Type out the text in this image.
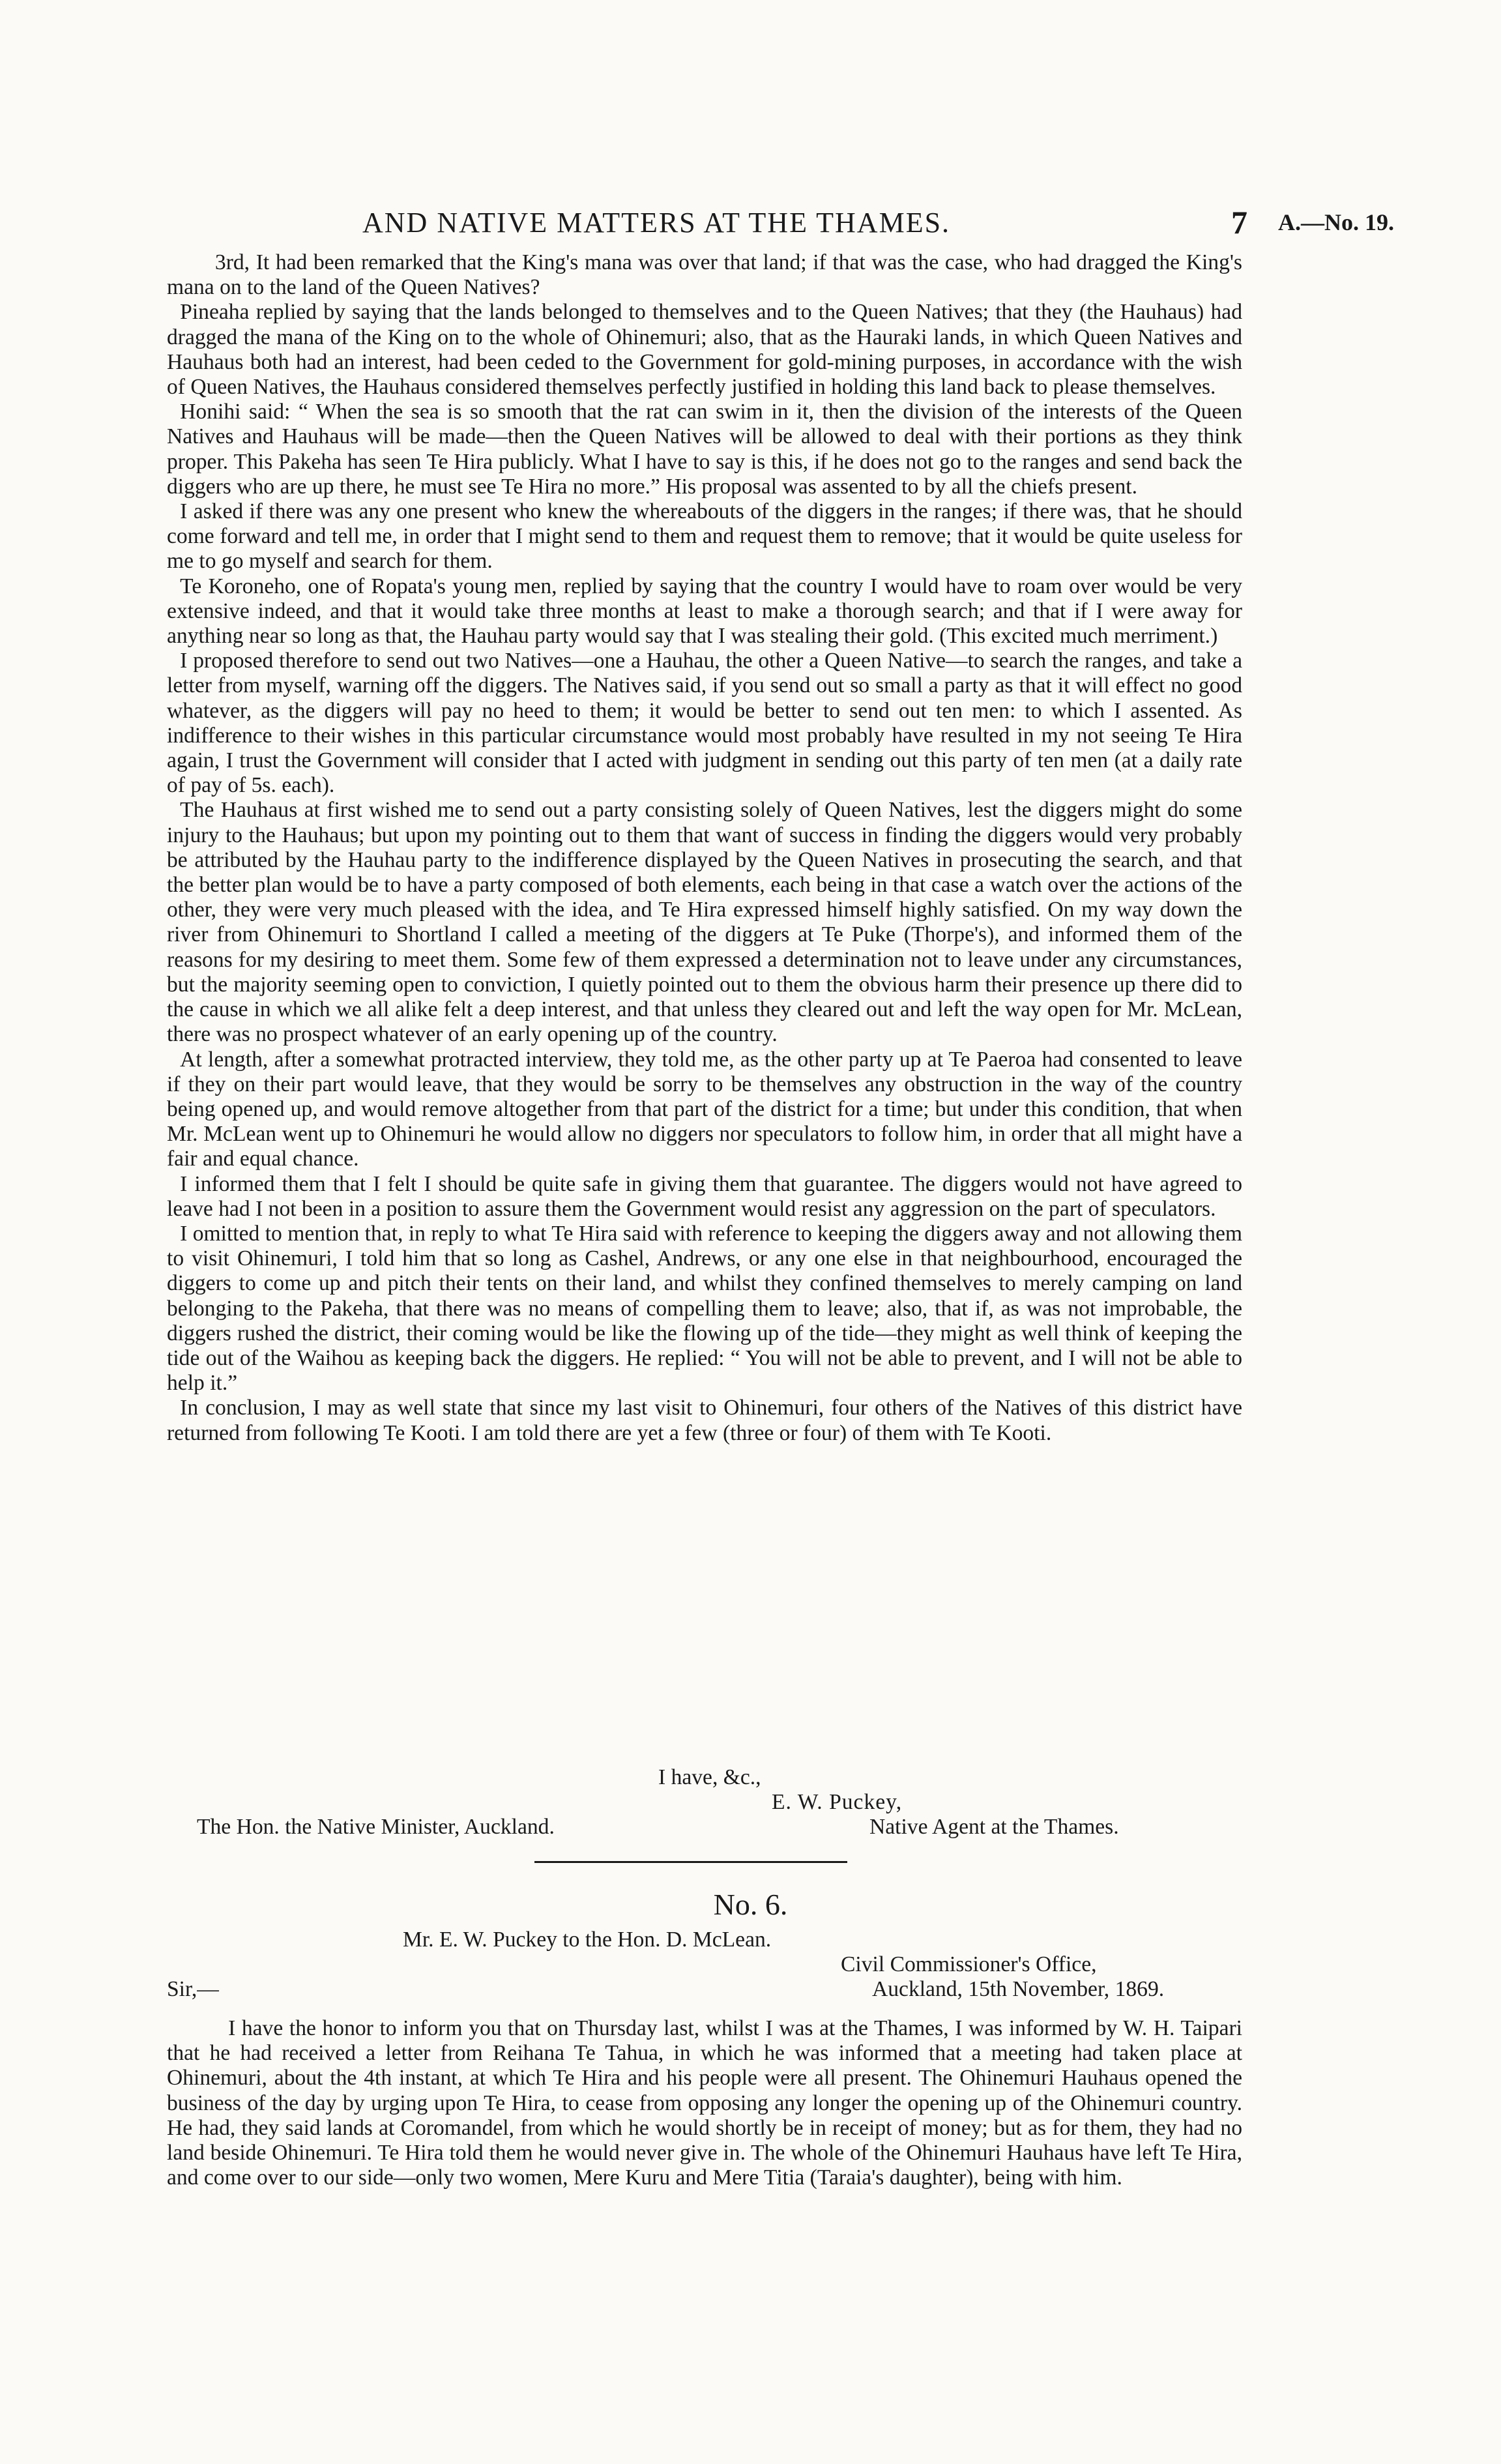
AND NATIVE MATTERS AT THE THAMES.	7 A.—No. 19.

3rd, It had been remarked that the King's mana was over that land; if that was the case, who had dragged the King's mana on to the land of the Queen Natives?

Pineaha replied by saying that the lands belonged to themselves and to the Queen Natives; that they (the Hauhaus) had dragged the mana of the King on to the whole of Ohinemuri; also, that as the Hauraki lands, in which Queen Natives and Hauhaus both had an interest, had been ceded to the Government for gold-mining purposes, in accordance with the wish of Queen Natives, the Hauhaus considered themselves perfectly justified in holding this land back to please themselves.

Honihi said: “ When the sea is so smooth that the rat can swim in it, then the division of the interests of the Queen Natives and Hauhaus will be made—then the Queen Natives will be allowed to deal with their portions as they think proper. This Pakeha has seen Te Hira publicly. What I have to say is this, if he does not go to the ranges and send back the diggers who are up there, he must see Te Hira no more.” His proposal was assented to by all the chiefs present.

I asked if there was any one present who knew the whereabouts of the diggers in the ranges; if there was, that he should come forward and tell me, in order that I might send to them and request them to remove; that it would be quite useless for me to go myself and search for them.

Te Koroneho, one of Ropata's young men, replied by saying that the country I would have to roam over would be very extensive indeed, and that it would take three months at least to make a thorough search; and that if I were away for anything near so long as that, the Hauhau party would say that I was stealing their gold. (This excited much merriment.)

I proposed therefore to send out two Natives—one a Hauhau, the other a Queen Native—to search the ranges, and take a letter from myself, warning off the diggers. The Natives said, if you send out so small a party as that it will effect no good whatever, as the diggers will pay no heed to them; it would be better to send out ten men: to which I assented. As indifference to their wishes in this particular circumstance would most probably have resulted in my not seeing Te Hira again, I trust the Government will consider that I acted with judgment in sending out this party of ten men (at a daily rate of pay of 5s. each).

The Hauhaus at first wished me to send out a party consisting solely of Queen Natives, lest the diggers might do some injury to the Hauhaus; but upon my pointing out to them that want of success in finding the diggers would very probably be attributed by the Hauhau party to the indifference displayed by the Queen Natives in prosecuting the search, and that the better plan would be to have a party composed of both elements, each being in that case a watch over the actions of the other, they were very much pleased with the idea, and Te Hira expressed himself highly satisfied. On my way down the river from Ohinemuri to Shortland I called a meeting of the diggers at Te Puke (Thorpe's), and informed them of the reasons for my desiring to meet them. Some few of them expressed a determination not to leave under any circumstances, but the majority seeming open to conviction, I quietly pointed out to them the obvious harm their presence up there did to the cause in which we all alike felt a deep interest, and that unless they cleared out and left the way open for Mr. McLean, there was no prospect whatever of an early opening up of the country.

At length, after a somewhat protracted interview, they told me, as the other party up at Te Paeroa had consented to leave if they on their part would leave, that they would be sorry to be themselves any obstruction in the way of the country being opened up, and would remove altogether from that part of the district for a time; but under this condition, that when Mr. McLean went up to Ohinemuri he would allow no diggers nor speculators to follow him, in order that all might have a fair and equal chance.

I informed them that I felt I should be quite safe in giving them that guarantee. The diggers would not have agreed to leave had I not been in a position to assure them the Government would resist any aggression on the part of speculators.

I omitted to mention that, in reply to what Te Hira said with reference to keeping the diggers away and not allowing them to visit Ohinemuri, I told him that so long as Cashel, Andrews, or any one else in that neighbourhood, encouraged the diggers to come up and pitch their tents on their land, and whilst they confined themselves to merely camping on land belonging to the Pakeha, that there was no means of compelling them to leave; also, that if, as was not improbable, the diggers rushed the district, their coming would be like the flowing up of the tide—they might as well think of keeping the tide out of the Waihou as keeping back the diggers. He replied: “ You will not be able to prevent, and I will not be able to help it.”

In conclusion, I may as well state that since my last visit to Ohinemuri, four others of the Natives of this district have returned from following Te Kooti. I am told there are yet a few (three or four) of them with Te Kooti.

I have, &c.,
E. W. Puckey,
The Hon. the Native Minister, Auckland.	Native Agent at the Thames.
No. 6.
Mr. E. W. Puckey to the Hon. D. McLean.
Civil Commissioner's Office,
Sir,—	Auckland, 15th November, 1869.

I have the honor to inform you that on Thursday last, whilst I was at the Thames, I was informed by W. H. Taipari that he had received a letter from Reihana Te Tahua, in which he was informed that a meeting had taken place at Ohinemuri, about the 4th instant, at which Te Hira and his people were all present. The Ohinemuri Hauhaus opened the business of the day by urging upon Te Hira, to cease from opposing any longer the opening up of the Ohinemuri country. He had, they said lands at Coromandel, from which he would shortly be in receipt of money; but as for them, they had no land beside Ohinemuri. Te Hira told them he would never give in. The whole of the Ohinemuri Hauhaus have left Te Hira, and come over to our side—only two women, Mere Kuru and Mere Titia (Taraia's daughter), being with him.
